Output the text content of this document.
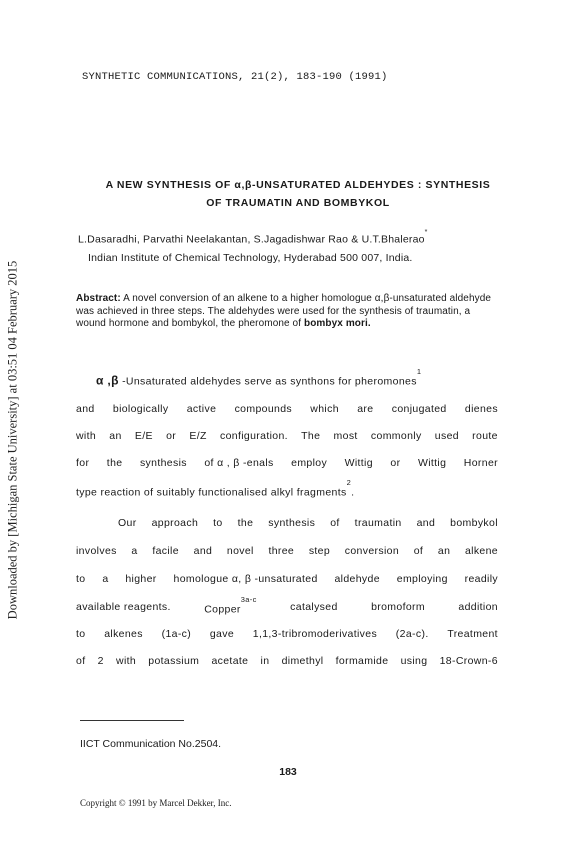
Downloaded by [Michigan State University] at 03:51 04 February 2015
SYNTHETIC COMMUNICATIONS, 21(2), 183-190 (1991)
A NEW SYNTHESIS OF α,β-UNSATURATED ALDEHYDES : SYNTHESIS
OF TRAUMATIN AND BOMBYKOL
L.Dasaradhi, Parvathi Neelakantan, S.Jagadishwar Rao & U.T.Bhalerao*
Indian Institute of Chemical Technology, Hyderabad 500 007, India.
Abstract: A novel conversion of an alkene to a higher homologue α,β-unsaturated aldehyde was achieved in three steps. The aldehydes were used for the synthesis of traumatin, a wound hormone and bombykol, the pheromone of bombyx mori.
α ,β -Unsaturated aldehydes serve as synthons for pheromones$^1$
and biologically active compounds which are conjugated dienes
with an E/E or E/Z configuration. The most commonly used route
for the synthesis of α , β -enals employ Wittig or Wittig Horner
type reaction of suitably functionalised alkyl fragments$^2$.
Our approach to the synthesis of traumatin and bombykol
involves a facile and novel three step conversion of an alkene
to a higher homologue α, β -unsaturated aldehyde employing readily
available reagents.	Copper$^{3a-c}$
catalysed	bromoform	addition
to alkenes (1a-c) gave 1,1,3-tribromoderivatives (2a-c). Treatment
of 2 with potassium acetate in dimethyl formamide using 18-Crown-6
IICT Communication No.2504.
183
Copyright © 1991 by Marcel Dekker, Inc.
